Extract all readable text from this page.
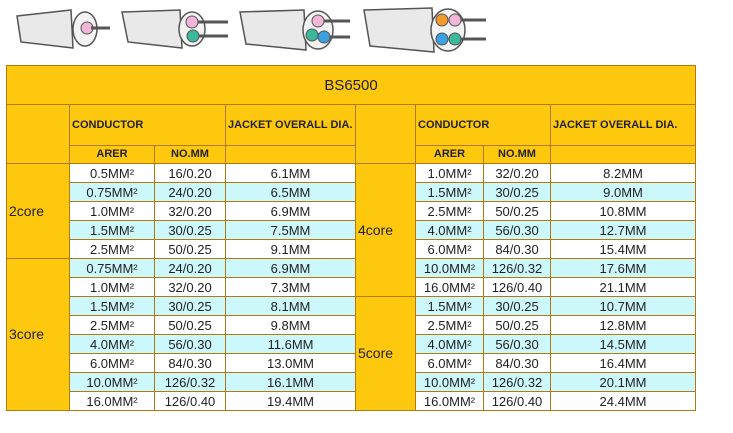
BS6500							
	CONDUCTOR		JACKET OVERALL DIA.		CONDUCTOR		JACKET OVERALL DIA.
	ARER	NO.MM			ARER	NO.MM	
2core	0.5MM²	16/0.20	6.1MM	4core	1.0MM²	32/0.20	8.2MM
	0.75MM²	24/0.20	6.5MM		1.5MM²	30/0.25	9.0MM
	1.0MM²	32/0.20	6.9MM		2.5MM²	50/0.25	10.8MM
	1.5MM²	30/0.25	7.5MM		4.0MM²	56/0.30	12.7MM
	2.5MM²	50/0.25	9.1MM		6.0MM²	84/0.30	15.4MM
3core	0.75MM²	24/0.20	6.9MM		10.0MM²	126/0.32	17.6MM
	1.0MM²	32/0.20	7.3MM		16.0MM²	126/0.40	21.1MM
	1.5MM²	30/0.25	8.1MM	5core	1.5MM²	30/0.25	10.7MM
	2.5MM²	50/0.25	9.8MM		2.5MM²	50/0.25	12.8MM
	4.0MM²	56/0.30	11.6MM		4.0MM²	56/0.30	14.5MM
	6.0MM²	84/0.30	13.0MM		6.0MM²	84/0.30	16.4MM
	10.0MM²	126/0.32	16.1MM		10.0MM²	126/0.32	20.1MM
	16.0MM²	126/0.40	19.4MM		16.0MM²	126/0.40	24.4MM
